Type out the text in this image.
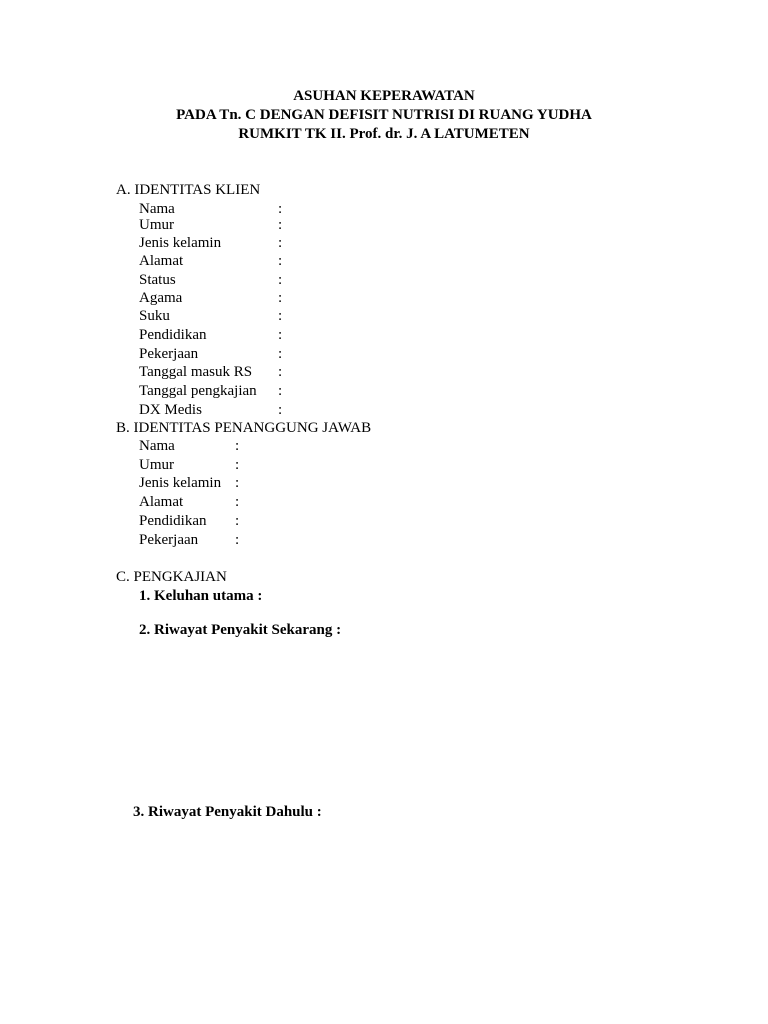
ASUHAN KEPERAWATAN
PADA Tn. C DENGAN DEFISIT NUTRISI DI RUANG YUDHA
RUMKIT TK II. Prof. dr. J. A LATUMETEN
A. IDENTITAS KLIEN
Nama	:
Umur	:
Jenis kelamin	:
Alamat	:
Status	:
Agama	:
Suku	:
Pendidikan	:
Pekerjaan	:
Tanggal masuk RS :
Tanggal pengkajian :
DX Medis	:
B. IDENTITAS PENANGGUNG JAWAB
Nama	:
Umur	:
Jenis kelamin :
Alamat	:
Pendidikan :
Pekerjaan :
C. PENGKAJIAN
1. Keluhan utama :
2. Riwayat Penyakit Sekarang :
3. Riwayat Penyakit Dahulu :
